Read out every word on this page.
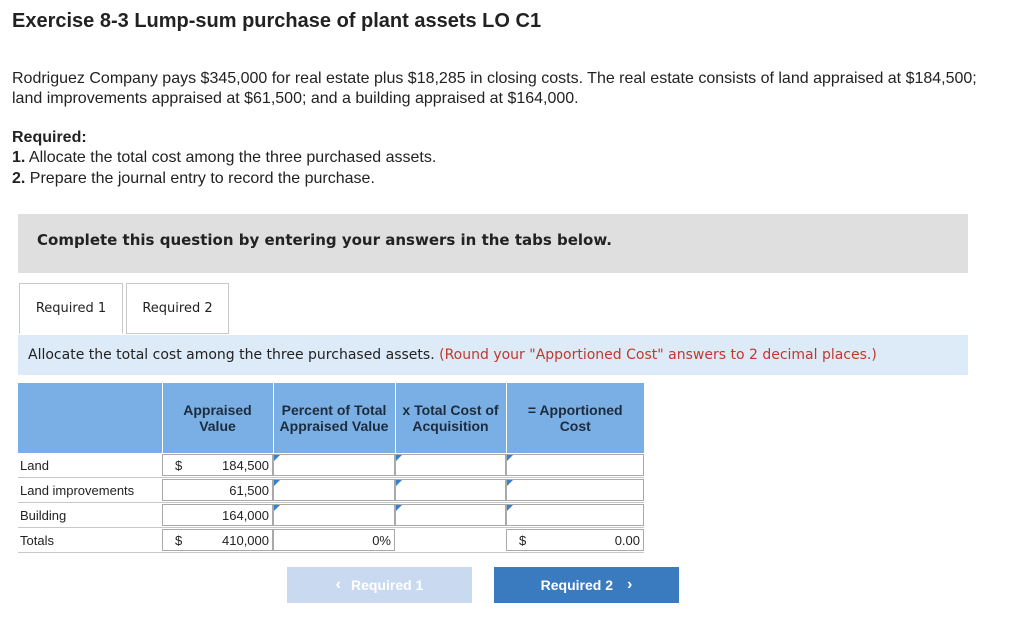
Exercise 8-3 Lump-sum purchase of plant assets LO C1
Rodriguez Company pays $345,000 for real estate plus $18,285 in closing costs. The real estate consists of land appraised at $184,500; land improvements appraised at $61,500; and a building appraised at $164,000.
Required:
1. Allocate the total cost among the three purchased assets.
2. Prepare the journal entry to record the purchase.
Complete this question by entering your answers in the tabs below.
Required 1	Required 2
Allocate the total cost among the three purchased assets. (Round your "Apportioned Cost" answers to 2 decimal places.)
	Appraised Value	Percent of Total Appraised Value	x Total Cost of Acquisition	= Apportioned Cost
Land	$ 184,500			

Land improvements	61,500			

Building	164,000			

Totals	$ 410,000	0%		$ 0.00
‹ Required 1	Required 2 ›
